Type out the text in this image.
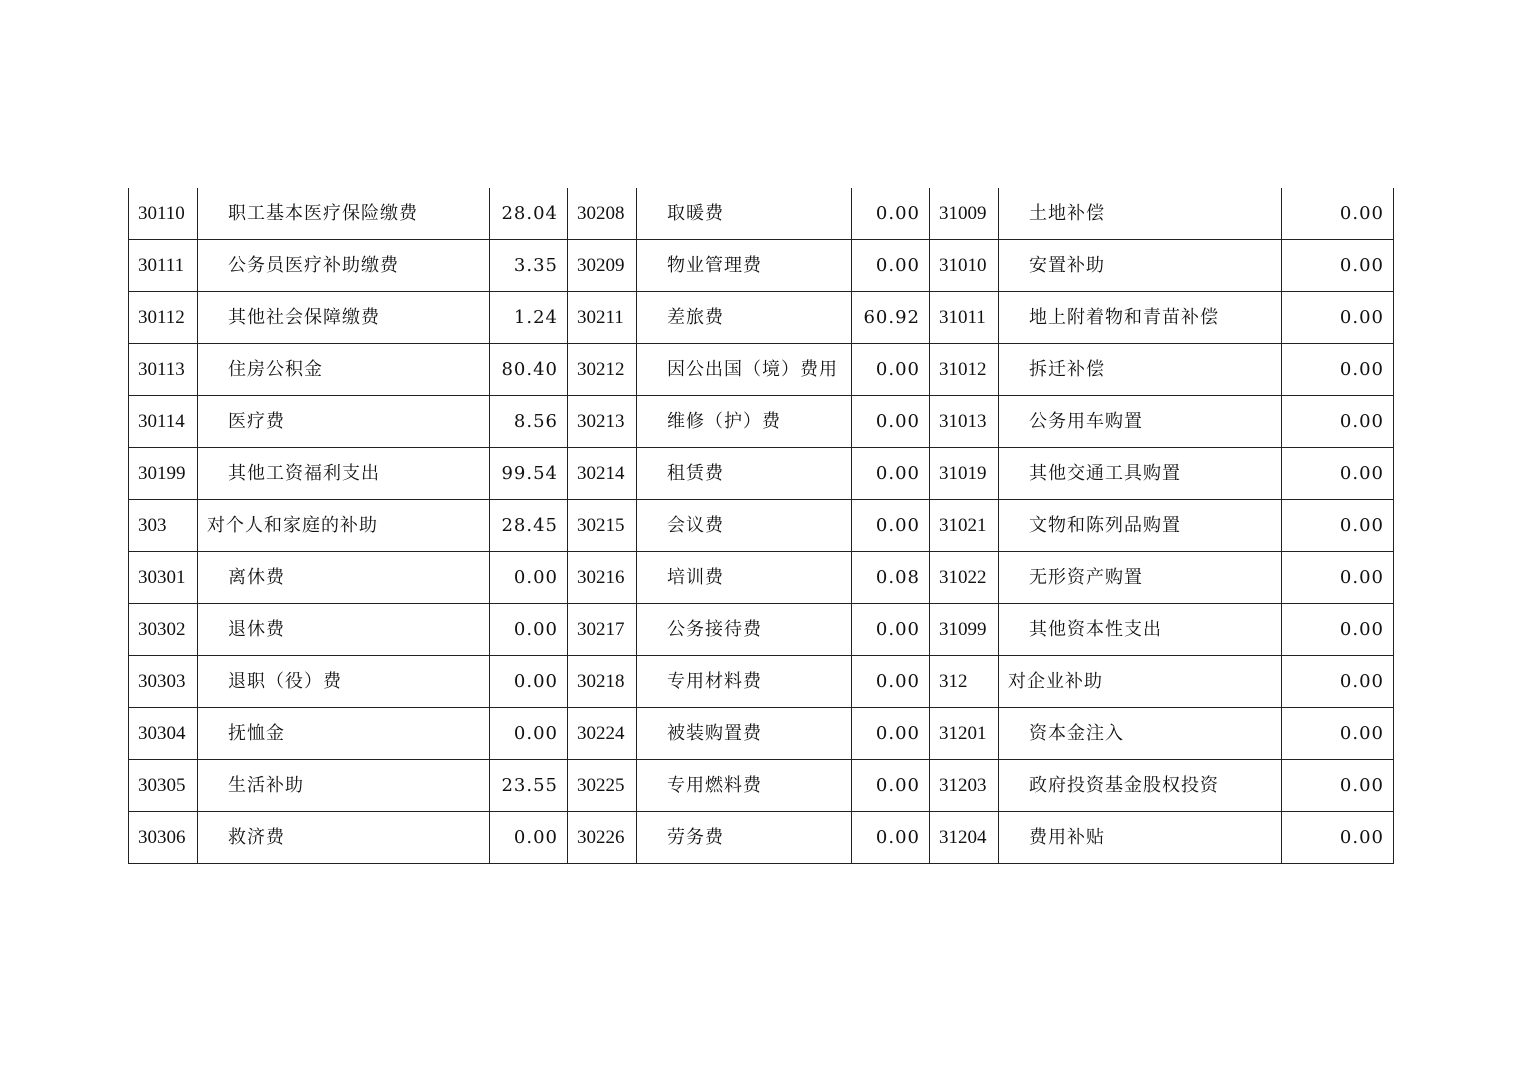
30110	职工基本医疗保险缴费	28.04	30208	取暖费	0.00	31009	土地补偿	0.00
30111	公务员医疗补助缴费	3.35	30209	物业管理费	0.00	31010	安置补助	0.00
30112	其他社会保障缴费	1.24	30211	差旅费	60.92	31011	地上附着物和青苗补偿	0.00
30113	住房公积金	80.40	30212	因公出国（境）费用	0.00	31012	拆迁补偿	0.00
30114	医疗费	8.56	30213	维修（护）费	0.00	31013	公务用车购置	0.00
30199	其他工资福利支出	99.54	30214	租赁费	0.00	31019	其他交通工具购置	0.00
303	对个人和家庭的补助	28.45	30215	会议费	0.00	31021	文物和陈列品购置	0.00
30301	离休费	0.00	30216	培训费	0.08	31022	无形资产购置	0.00
30302	退休费	0.00	30217	公务接待费	0.00	31099	其他资本性支出	0.00
30303	退职（役）费	0.00	30218	专用材料费	0.00	312	对企业补助	0.00
30304	抚恤金	0.00	30224	被装购置费	0.00	31201	资本金注入	0.00
30305	生活补助	23.55	30225	专用燃料费	0.00	31203	政府投资基金股权投资	0.00
30306	救济费	0.00	30226	劳务费	0.00	31204	费用补贴	0.00
